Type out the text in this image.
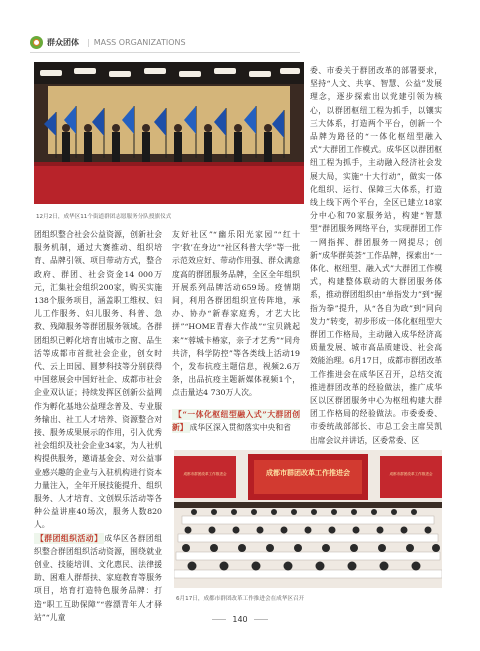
群众团体 | MASS ORGANIZATIONS
12月2日，成华区11个街道群团志愿服务分队授旗仪式

团组织整合社会公益资源，创新社会服务机制，通过大赛推动、组织培育、品牌引领、项目带动方式，整合政府、群团、社会资金14 000万元，汇集社会组织200家，购买实施138个服务项目，涵盖职工维权、妇儿工作服务、妇儿服务、科普、急救、残障服务等群团服务领域。各群团组织已孵化培育出城市之窗、品生活等成都市首批社会企业，创女时代、云上田园、圆梦科技等分别获得中国慈展会中国好社企、成都市社会企业双认证；持续发挥区创新公益网作为孵化基地公益理念普及、专业服务输出、社工人才培养、资源整合对接、服务成果展示的作用，引入优秀社会组织及社会企业34家，为人社机构提供服务，邀请基金会、对公益事业感兴趣的企业与入驻机构进行资本力量注入，全年开展技能提升、组织服务、人才培育、文创娱乐活动等各种公益讲座40场次，服务人数820人。

【群团组织活动】 成华区各群团组织整合群团组织活动资源，围绕就业创业、技能培训、文化惠民、法律援助、困难人群帮扶、家庭教育等服务项目，培育打造特色服务品牌：打造“职工互助保障”“蓉漂青年人才驿站”“儿童

友好社区”“幽乐阳光家园”“红十字‘救’在身边”“社区科普大学”等一批示范效应好、带动作用强、群众满意度高的群团服务品牌，全区全年组织开展系列品牌活动659场。疫情期间，利用各群团组织宣传阵地，承办、协办“新春家庭秀，才艺大比拼”“HOME青春大作战”“宝贝跳起来”“蓉城卡椿家，亲子才艺秀”“同舟共济，科学防控”等各类线上活动19个，发布抗疫主题信息，视频2.6万条，出品抗疫主题新媒体视频1个，点击量达4 730万人次。

【“一体化枢纽型融入式”大群团创新】 成华区深入贯彻落实中央和省

委、市委关于群团改革的部署要求，坚持“人文、共享、智慧、公益”发展理念，逐步探索出以党建引领为核心，以群团枢纽工程为抓手，以镶实三大体系，打造两个平台，创新一个品牌为路径的“一体化枢纽型融入式”大群团工作模式。成华区以群团枢纽工程为抓手，主动融入经济社会发展大局，实施“十大行动”，做实一体化组织、运行、保障三大体系，打造线上线下两个平台，全区已建立18家分中心和70家服务站，构建“智慧型”群团服务网络平台，实现群团工作一网指挥、群团服务一网提尽；创新“成华群英荟”工作品牌，探索出“一体化、枢纽型、融入式”大群团工作模式，构建整体联动的大群团服务体系，推动群团组织由“单指发力”到“握指为拳”提升，从“各自为政”到“同向发力”转变，初步形成一体化枢纽型大群团工作格局，主动融入成华经济高质量发展、城市高品质建设、社会高效能治理。6月17日，成都市群团改革工作推进会在成华区召开，总结交流推进群团改革的经验做法，推广成华区以区群团服务中心为枢纽构建大群团工作格局的经验做法。市委委委、市委统战部部长、市总工会主席吴凯出席会议并讲话，区委常委、区

成都市群团改革工作推进会
成都市群团改革工作推进会	成都市群团改革工作推进会
6月17日，成都市群团改革工作推进会在成华区召开
140
